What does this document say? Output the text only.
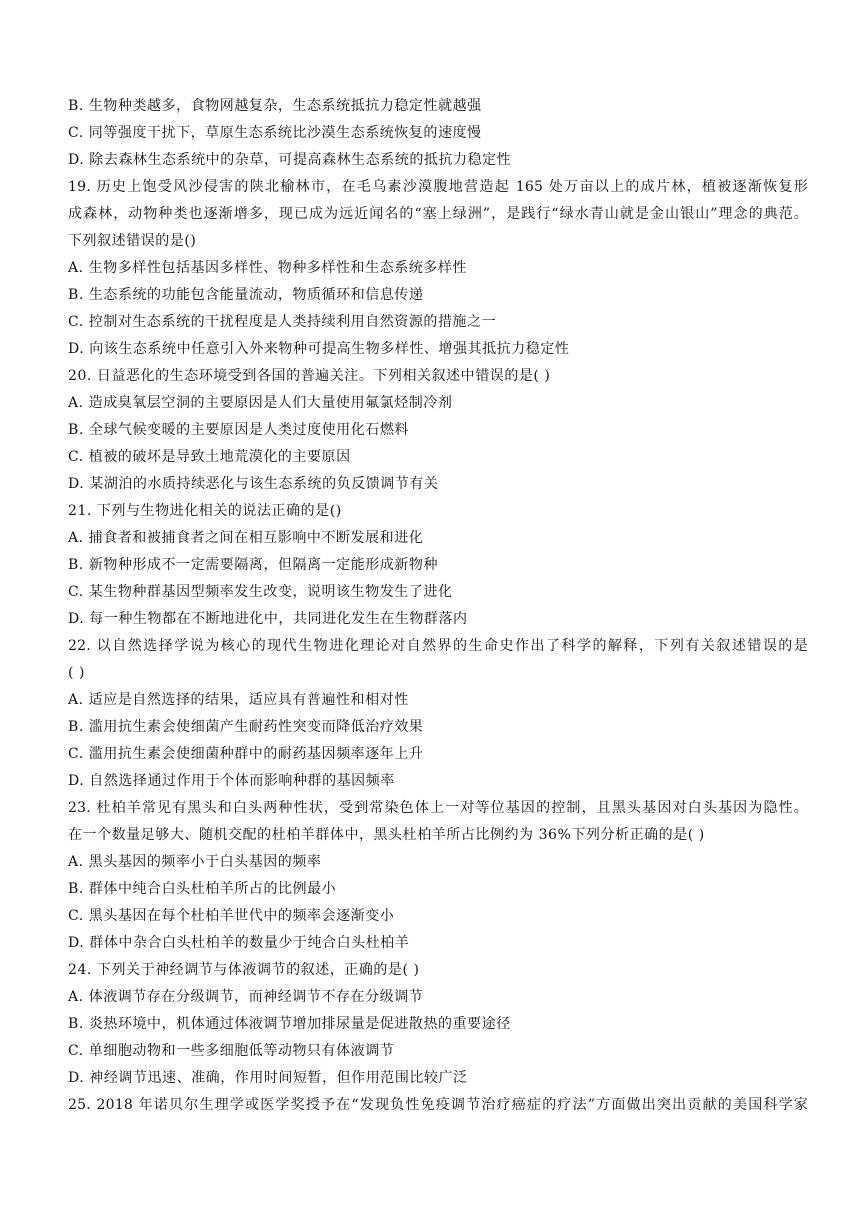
B. 生物种类越多，食物网越复杂，生态系统抵抗力稳定性就越强
C. 同等强度干扰下，草原生态系统比沙漠生态系统恢复的速度慢
D. 除去森林生态系统中的杂草，可提高森林生态系统的抵抗力稳定性
19. 历史上饱受风沙侵害的陕北榆林市，在毛乌素沙漠腹地营造起 165 处万亩以上的成片林，植被逐渐恢复形
成森林，动物种类也逐渐增多，现已成为远近闻名的“塞上绿洲”，是践行“绿水青山就是金山银山”理念的典范。
下列叙述错误的是()
A. 生物多样性包括基因多样性、物种多样性和生态系统多样性
B. 生态系统的功能包含能量流动，物质循环和信息传递
C. 控制对生态系统的干扰程度是人类持续利用自然资源的措施之一
D. 向该生态系统中任意引入外来物种可提高生物多样性、增强其抵抗力稳定性
20. 日益恶化的生态环境受到各国的普遍关注。下列相关叙述中错误的是( )
A. 造成臭氧层空洞的主要原因是人们大量使用氟氯烃制冷剂
B. 全球气候变暖的主要原因是人类过度使用化石燃料
C. 植被的破坏是导致土地荒漠化的主要原因
D. 某湖泊的水质持续恶化与该生态系统的负反馈调节有关
21. 下列与生物进化相关的说法正确的是()
A. 捕食者和被捕食者之间在相互影响中不断发展和进化
B. 新物种形成不一定需要隔离，但隔离一定能形成新物种
C. 某生物种群基因型频率发生改变，说明该生物发生了进化
D. 每一种生物都在不断地进化中，共同进化发生在生物群落内
22. 以自然选择学说为核心的现代生物进化理论对自然界的生命史作出了科学的解释，下列有关叙述错误的是
( )
A. 适应是自然选择的结果，适应具有普遍性和相对性
B. 滥用抗生素会使细菌产生耐药性突变而降低治疗效果
C. 滥用抗生素会使细菌种群中的耐药基因频率逐年上升
D. 自然选择通过作用于个体而影响种群的基因频率
23. 杜柏羊常见有黑头和白头两种性状，受到常染色体上一对等位基因的控制，且黑头基因对白头基因为隐性。
在一个数量足够大、随机交配的杜柏羊群体中，黑头杜柏羊所占比例约为 36%下列分析正确的是( )
A. 黑头基因的频率小于白头基因的频率
B. 群体中纯合白头杜柏羊所占的比例最小
C. 黑头基因在每个杜柏羊世代中的频率会逐渐变小
D. 群体中杂合白头杜柏羊的数量少于纯合白头杜柏羊
24. 下列关于神经调节与体液调节的叙述，正确的是( )
A. 体液调节存在分级调节，而神经调节不存在分级调节
B. 炎热环境中，机体通过体液调节增加排尿量是促进散热的重要途径
C. 单细胞动物和一些多细胞低等动物只有体液调节
D. 神经调节迅速、准确，作用时间短暂，但作用范围比较广泛
25. 2018 年诺贝尔生理学或医学奖授予在“发现负性免疫调节治疗癌症的疗法”方面做出突出贡献的美国科学家
